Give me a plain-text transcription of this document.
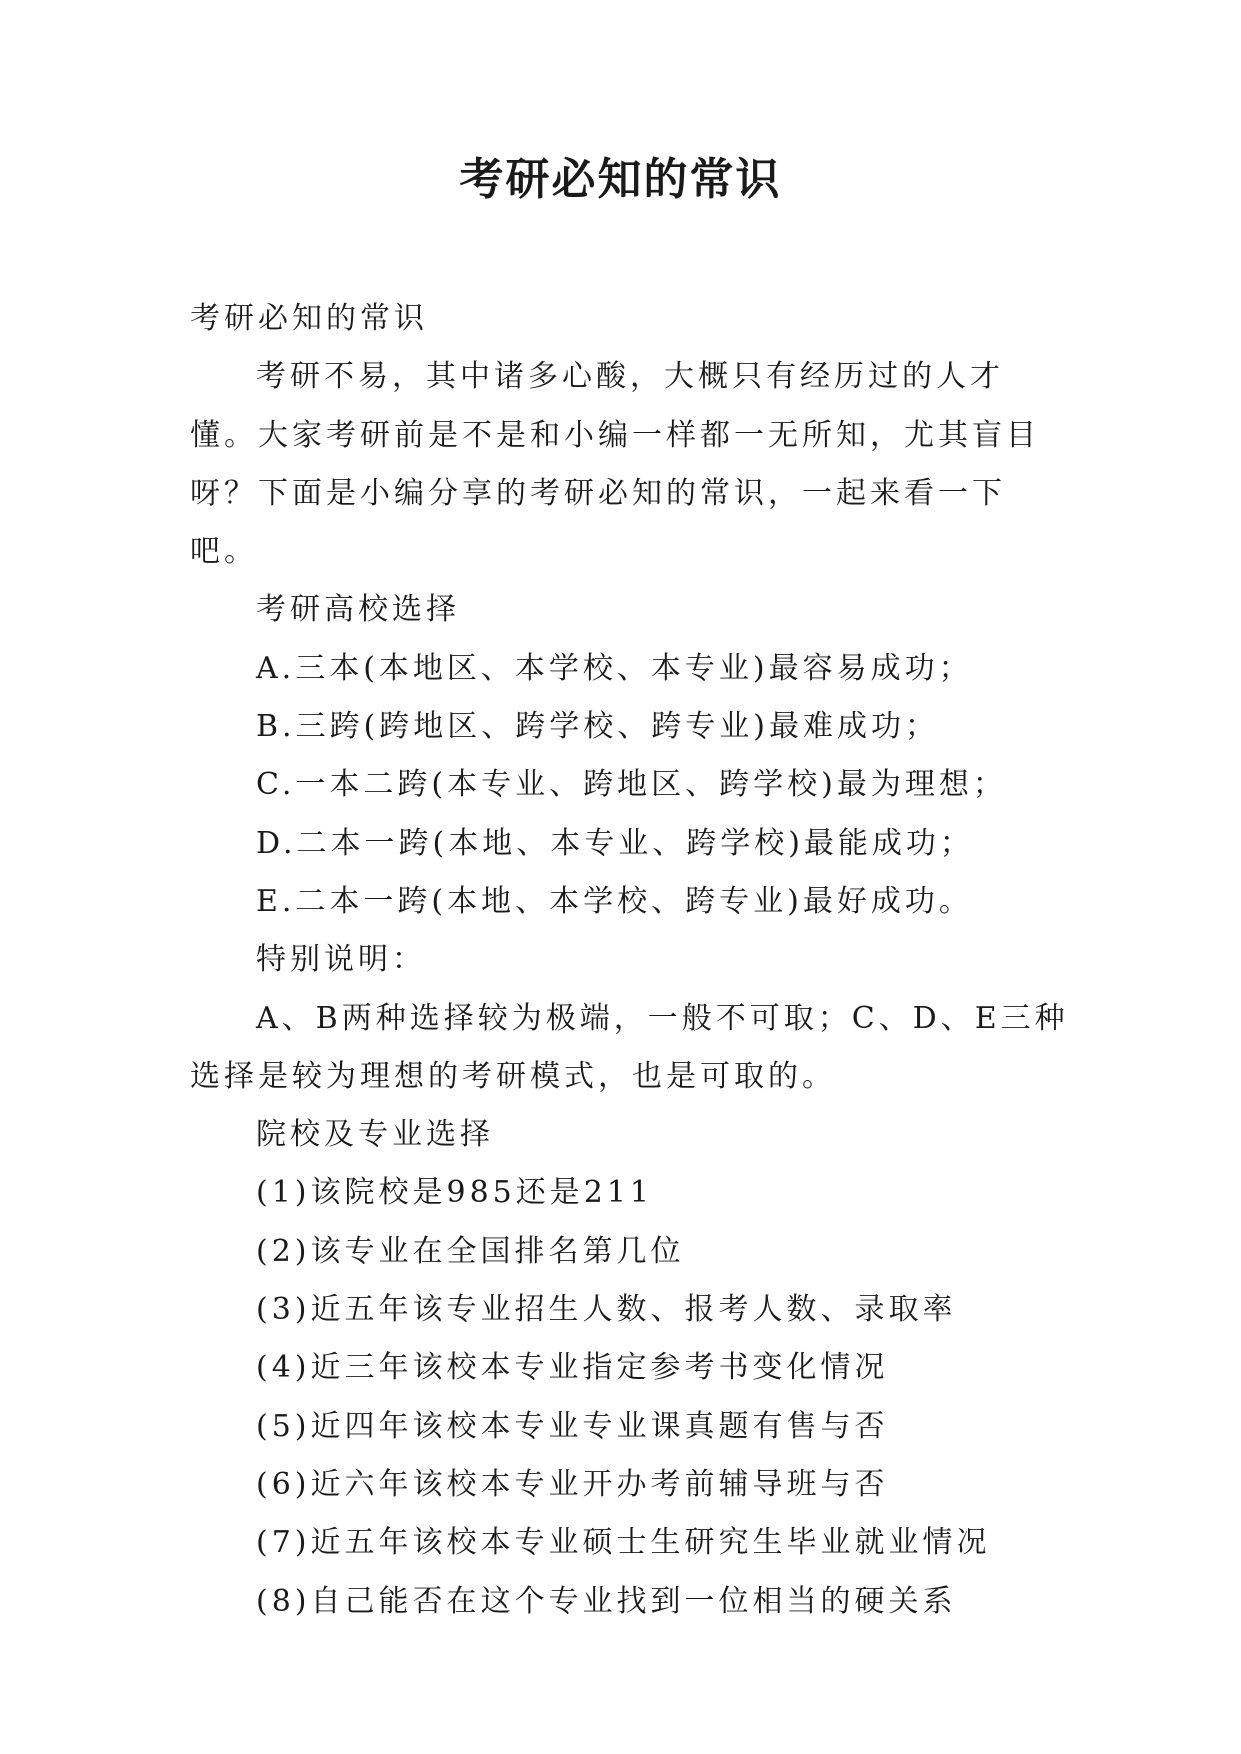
考研必知的常识

考研必知的常识

考研不易，其中诸多心酸，大概只有经历过的人才懂。大家考研前是不是和小编一样都一无所知，尤其盲目呀？下面是小编分享的考研必知的常识，一起来看一下吧。

考研高校选择

A.三本(本地区、本学校、本专业)最容易成功；

B.三跨(跨地区、跨学校、跨专业)最难成功；

C.一本二跨(本专业、跨地区、跨学校)最为理想；

D.二本一跨(本地、本专业、跨学校)最能成功；

E.二本一跨(本地、本学校、跨专业)最好成功。

特别说明：

A、B两种选择较为极端，一般不可取；C、D、E三种选择是较为理想的考研模式，也是可取的。

院校及专业选择

(1)该院校是985还是211

(2)该专业在全国排名第几位

(3)近五年该专业招生人数、报考人数、录取率

(4)近三年该校本专业指定参考书变化情况

(5)近四年该校本专业专业课真题有售与否

(6)近六年该校本专业开办考前辅导班与否

(7)近五年该校本专业硕士生研究生毕业就业情况

(8)自己能否在这个专业找到一位相当的硬关系
